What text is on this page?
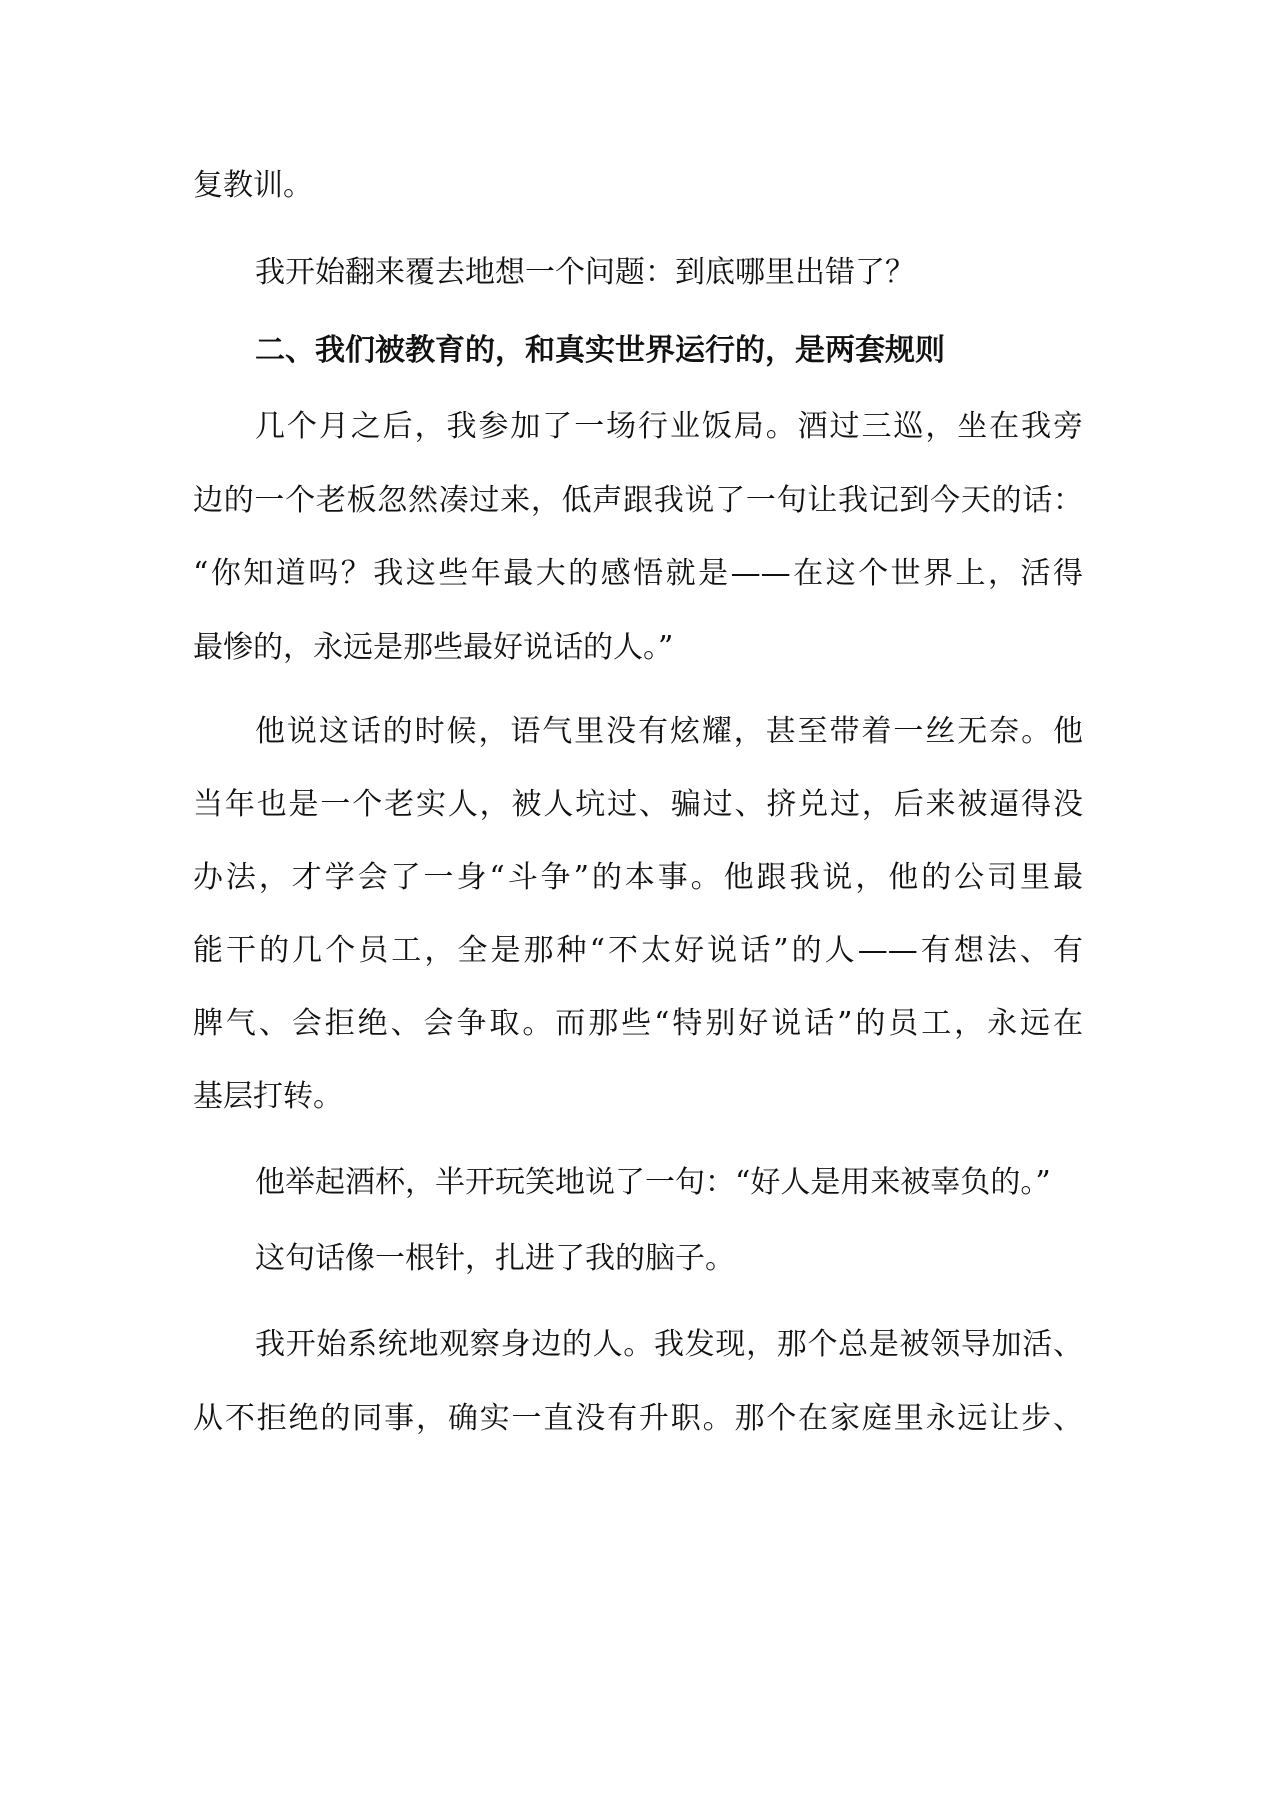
复教训。
我开始翻来覆去地想一个问题：到底哪里出错了？
二、我们被教育的，和真实世界运行的，是两套规则
几个月之后，我参加了一场行业饭局。酒过三巡，坐在我旁
边的一个老板忽然凑过来，低声跟我说了一句让我记到今天的话：
“你知道吗？我这些年最大的感悟就是——在这个世界上，活得
最惨的，永远是那些最好说话的人。”
他说这话的时候，语气里没有炫耀，甚至带着一丝无奈。他
当年也是一个老实人，被人坑过、骗过、挤兑过，后来被逼得没
办法，才学会了一身“斗争”的本事。他跟我说，他的公司里最
能干的几个员工，全是那种“不太好说话”的人——有想法、有
脾气、会拒绝、会争取。而那些“特别好说话”的员工，永远在
基层打转。
他举起酒杯，半开玩笑地说了一句：“好人是用来被辜负的。”
这句话像一根针，扎进了我的脑子。
我开始系统地观察身边的人。我发现，那个总是被领导加活、
从不拒绝的同事，确实一直没有升职。那个在家庭里永远让步、
